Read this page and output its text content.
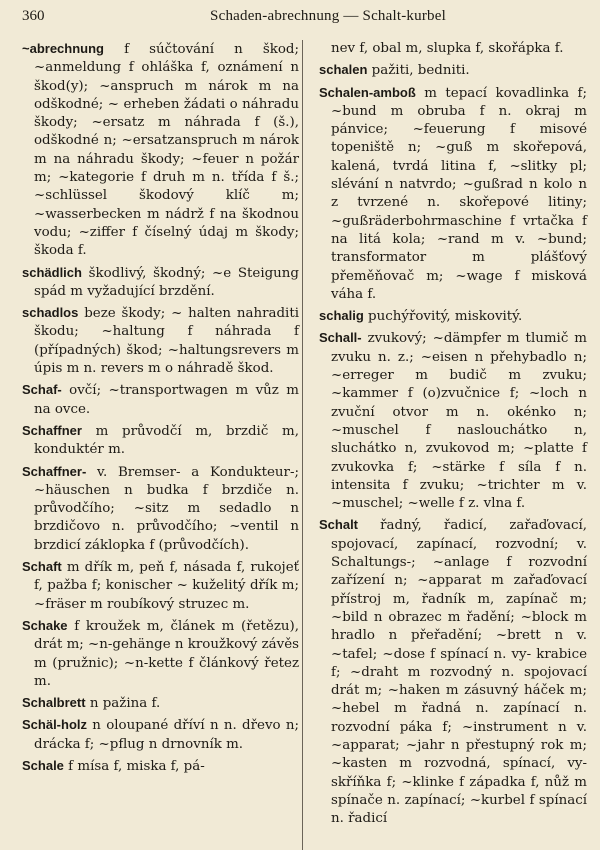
360	Schaden-abrechnung — Schalt-kurbel

~abrechnung f súčtování n škod; ~anmeldung f ohláška f, oznámení n škod(y); ~anspruch m nárok m na odškodné; ~ erheben žádati o náhradu škody; ~ersatz m náhrada f (š.), odškodné n; ~ersatzanspruch m nárok m na náhradu škody; ~feuer n požár m; ~kategorie f druh m n. třída f š.; ~schlüssel škodový klíč m; ~wasserbecken m nádrž f na škodnou vodu; ~ziffer f číselný údaj m škody; škoda f.

schädlich škodlivý, škodný; ~e Steigung spád m vyžadující brzdění.

schadlos beze škody; ~ halten nahraditi škodu; ~haltung f náhrada f (případných) škod; ~haltungsrevers m úpis m n. revers m o náhradě škod.

Schaf- ovčí; ~transportwagen m vůz m na ovce.

Schaffner m průvodčí m, brzdič m, konduktér m.

Schaffner- v. Bremser- a Kondukteur-; ~häuschen n budka f brzdiče n. průvodčího; ~sitz m sedadlo n brzdičovo n. průvodčího; ~ventil n brzdicí záklopka f (průvodčích).

Schaft m dřík m, peň f, násada f, rukojeť f, pažba f; konischer ~ kuželitý dřík m; ~fräser m roubíkový struzec m.

Schake f kroužek m, článek m (řetězu), drát m; ~n-gehänge n kroužkový závěs m (pružnic); ~n-kette f článkový řetez m.

Schalbrett n pažina f.

Schäl-holz n oloupané dříví n n. dřevo n; drácka f; ~pflug n drnovník m.

Schale f mísa f, miska f, pá-

nev f, obal m, slupka f, skořápka f.

schalen pažiti, bedniti.

Schalen-amboß m tepací kovadlinka f; ~bund m obruba f n. okraj m pánvice; ~feuerung f misové topeniště n; ~guß m skořepová, kalená, tvrdá litina f, ~slitky pl; slévání n natvrdo; ~gußrad n kolo n z tvrzené n. skořepové litiny; ~gußräderbohrmaschine f vrtačka f na litá kola; ~rand m v. ~bund; transformator m plášťový přeměňovač m; ~wage f misková váha f.

schalig puchýřovitý, miskovitý.

Schall- zvukový; ~dämpfer m tlumič m zvuku n. z.; ~eisen n přehybadlo n; ~erreger m budič m zvuku; ~kammer f (o)zvučnice f; ~loch n zvuční otvor m n. okénko n; ~muschel f naslouchátko n, sluchátko n, zvukovod m; ~platte f zvukovka f; ~stärke f síla f n. intensita f zvuku; ~trichter m v. ~muschel; ~welle f z. vlna f.

Schalt řadný, řadicí, zařaďovací, spojovací, zapínací, rozvodní; v. Schaltungs-; ~anlage f rozvodní zařízení n; ~apparat m zařaďovací přístroj m, řadník m, zapínač m; ~bild n obrazec m řadění; ~block m hradlo n přeřadění; ~brett n v. ~tafel; ~dose f spínací n. vy- krabice f; ~draht m rozvodný n. spojovací drát m; ~haken m zásuvný háček m; ~hebel m řadná n. zapínací n. rozvodní páka f; ~instrument n v. ~apparat; ~jahr n přestupný rok m; ~kasten m rozvodná, spínací, vy- skříňka f; ~klinke f západka f, nůž m spínače n. zapínací; ~kurbel f spínací n. řadicí
